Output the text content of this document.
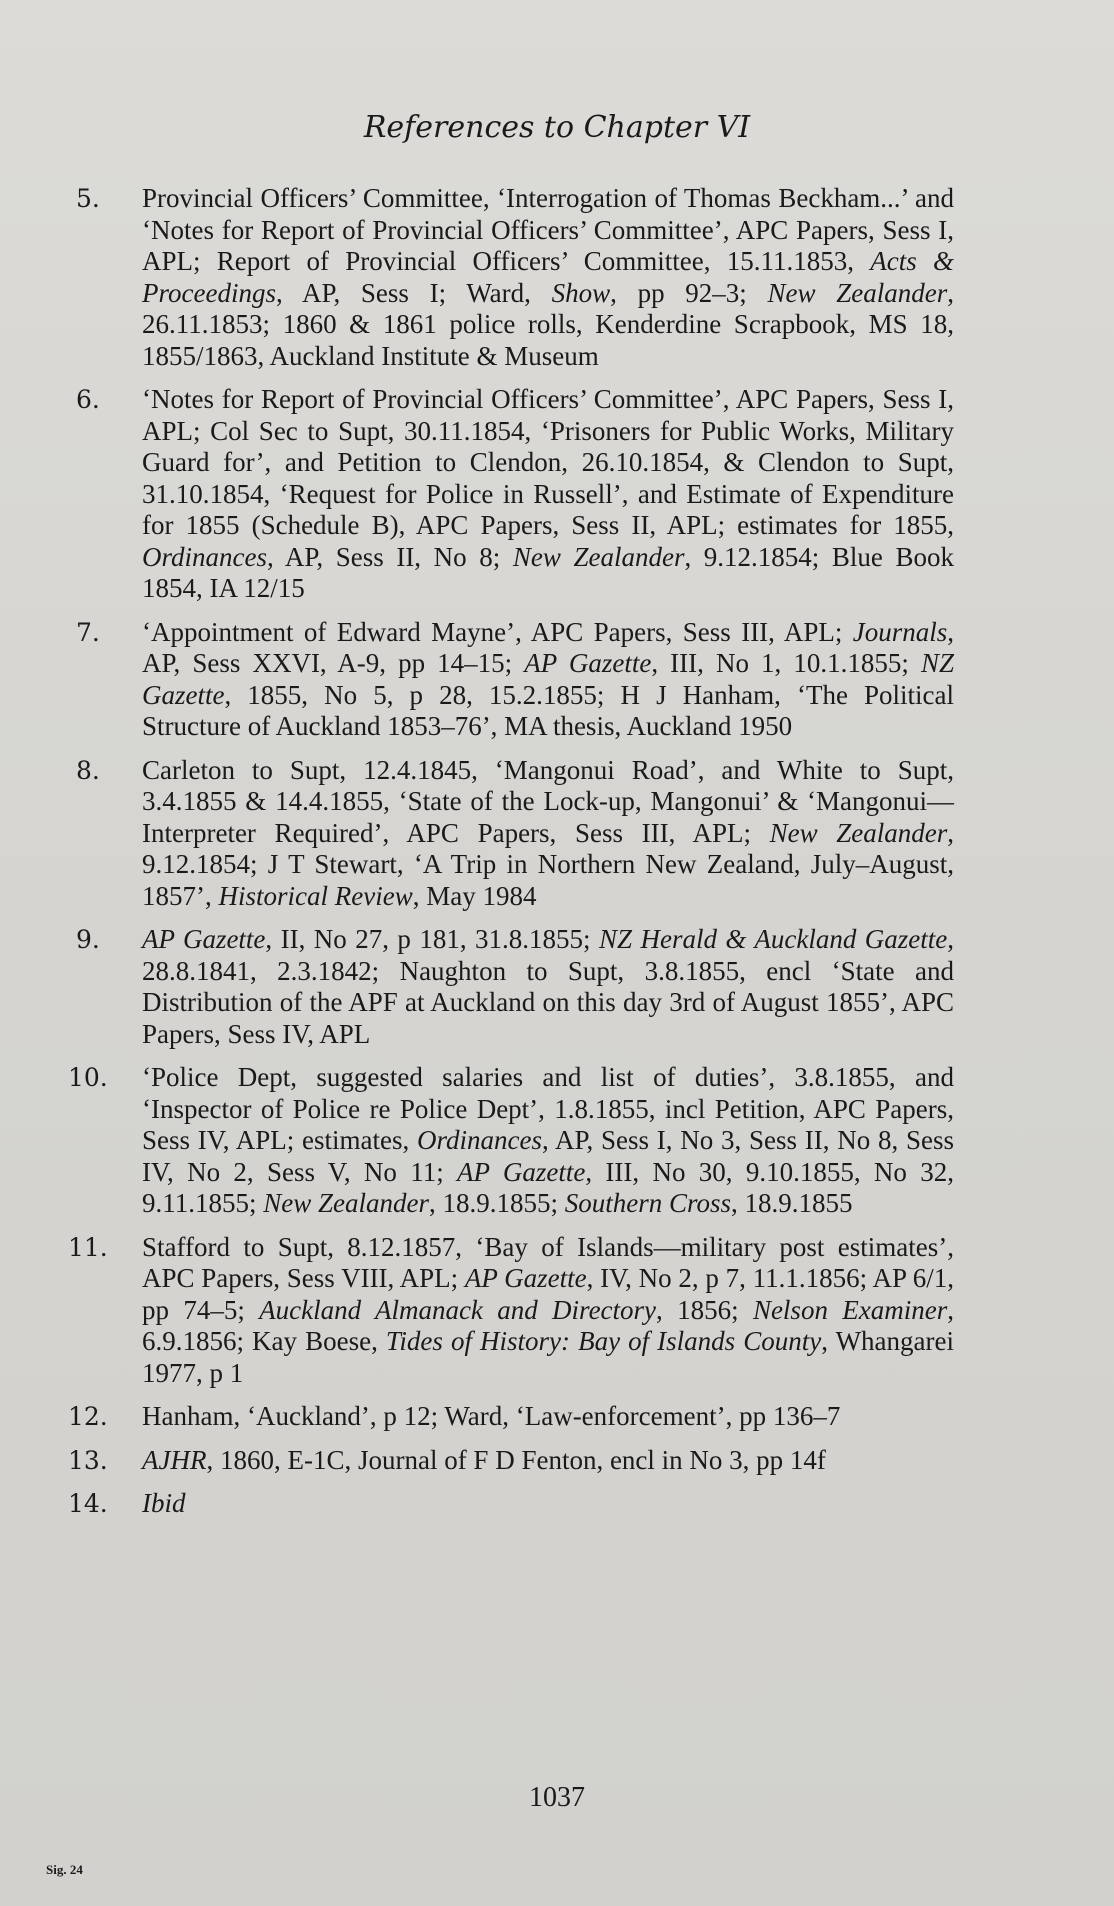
References to Chapter VI
5.	Provincial Officers’ Committee, ‘Interrogation of Thomas Beckham...’ and ‘Notes for Report of Provincial Officers’ Committee’, APC Papers, Sess I, APL; Report of Provincial Officers’ Committee, 15.11.1853, Acts & Proceedings, AP, Sess I; Ward, Show, pp 92–3; New Zealander, 26.11.1853; 1860 & 1861 police rolls, Kenderdine Scrapbook, MS 18, 1855/1863, Auckland Institute & Museum
6.	‘Notes for Report of Provincial Officers’ Committee’, APC Papers, Sess I, APL; Col Sec to Supt, 30.11.1854, ‘Prisoners for Public Works, Military Guard for’, and Petition to Clendon, 26.10.1854, & Clendon to Supt, 31.10.1854, ‘Request for Police in Russell’, and Estimate of Expenditure for 1855 (Schedule B), APC Papers, Sess II, APL; estimates for 1855, Ordinances, AP, Sess II, No 8; New Zealander, 9.12.1854; Blue Book 1854, IA 12/15
7.	‘Appointment of Edward Mayne’, APC Papers, Sess III, APL; Journals, AP, Sess XXVI, A-9, pp 14–15; AP Gazette, III, No 1, 10.1.1855; NZ Gazette, 1855, No 5, p 28, 15.2.1855; H J Hanham, ‘The Political Structure of Auckland 1853–76’, MA thesis, Auckland 1950
8.	Carleton to Supt, 12.4.1845, ‘Mangonui Road’, and White to Supt, 3.4.1855 & 14.4.1855, ‘State of the Lock-up, Mangonui’ & ‘Mangonui—Interpreter Required’, APC Papers, Sess III, APL; New Zealander, 9.12.1854; J T Stewart, ‘A Trip in Northern New Zealand, July–August, 1857’, Historical Review, May 1984
9.	AP Gazette, II, No 27, p 181, 31.8.1855; NZ Herald & Auckland Gazette, 28.8.1841, 2.3.1842; Naughton to Supt, 3.8.1855, encl ‘State and Distribution of the APF at Auckland on this day 3rd of August 1855’, APC Papers, Sess IV, APL
10.	‘Police Dept, suggested salaries and list of duties’, 3.8.1855, and ‘Inspector of Police re Police Dept’, 1.8.1855, incl Petition, APC Papers, Sess IV, APL; estimates, Ordinances, AP, Sess I, No 3, Sess II, No 8, Sess IV, No 2, Sess V, No 11; AP Gazette, III, No 30, 9.10.1855, No 32, 9.11.1855; New Zealander, 18.9.1855; Southern Cross, 18.9.1855
11.	Stafford to Supt, 8.12.1857, ‘Bay of Islands—military post estimates’, APC Papers, Sess VIII, APL; AP Gazette, IV, No 2, p 7, 11.1.1856; AP 6/1, pp 74–5; Auckland Almanack and Directory, 1856; Nelson Examiner, 6.9.1856; Kay Boese, Tides of History: Bay of Islands County, Whangarei 1977, p 1
12.	Hanham, ‘Auckland’, p 12; Ward, ‘Law-enforcement’, pp 136–7
13.	AJHR, 1860, E-1C, Journal of F D Fenton, encl in No 3, pp 14f
14.	Ibid
1037
Sig. 24
